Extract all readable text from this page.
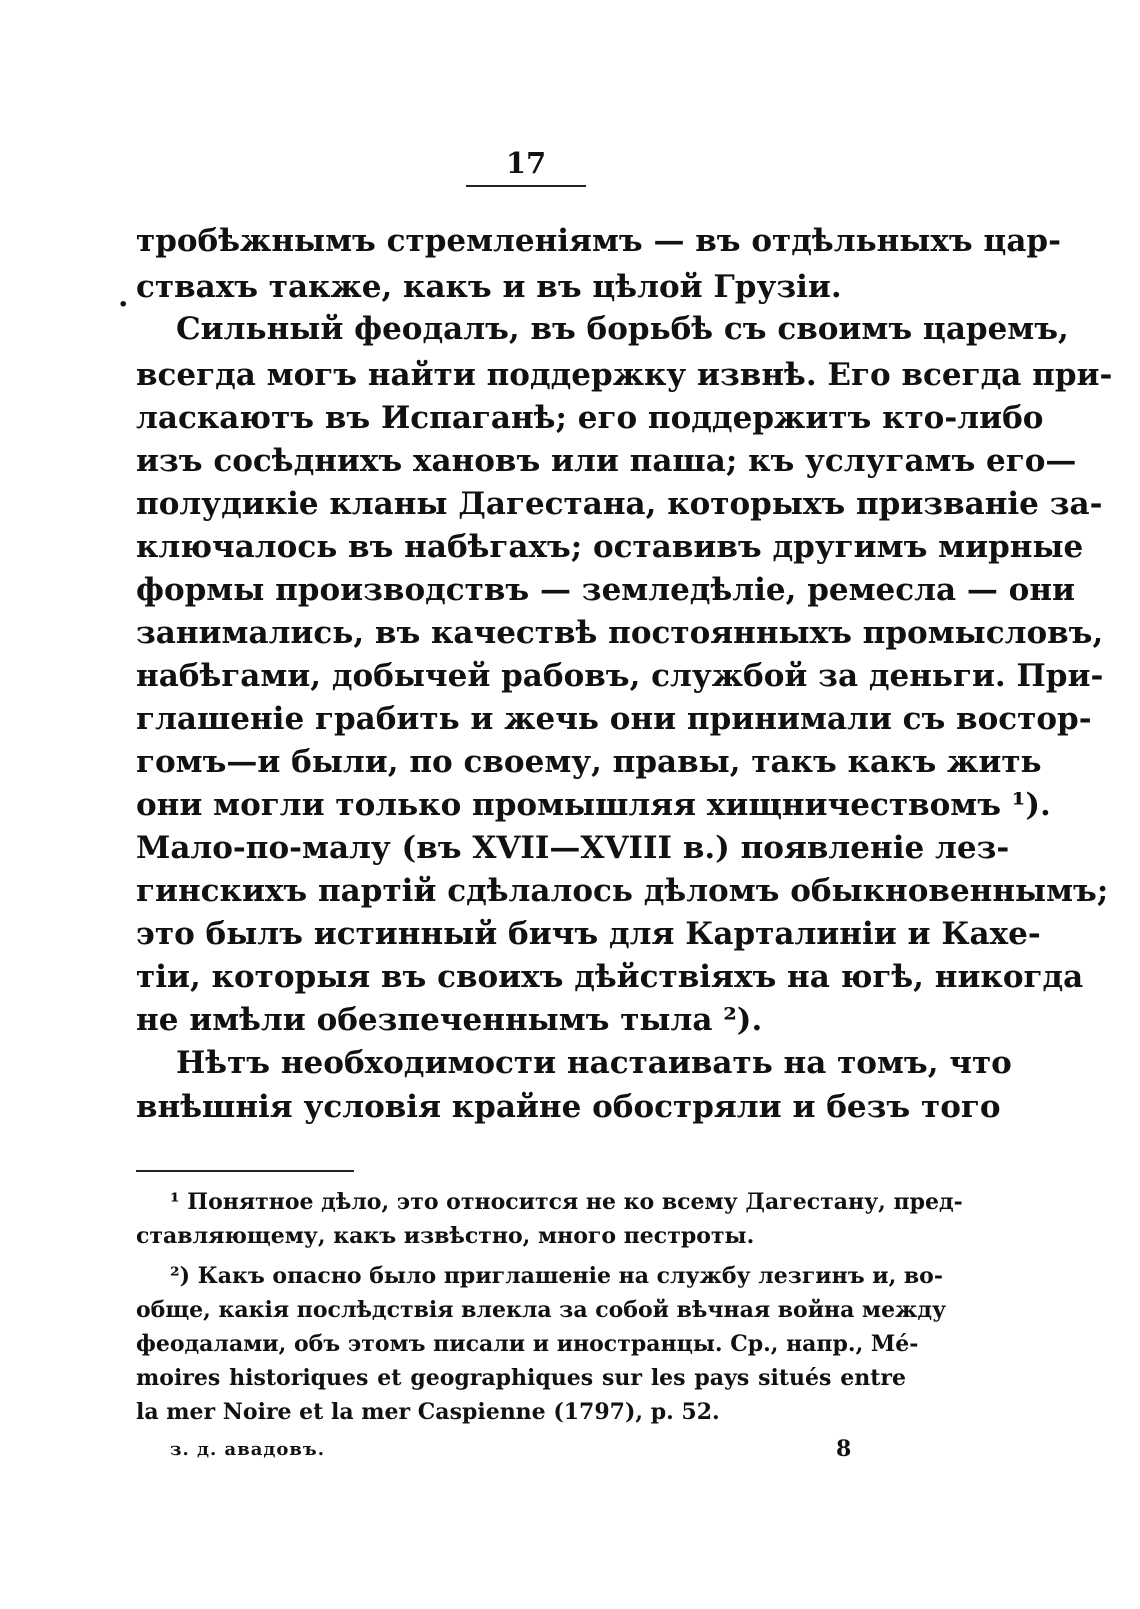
17
·
тробѣжнымъ стремленіямъ — въ отдѣльныхъ цар-
ствахъ также, какъ и въ цѣлой Грузіи.
Сильный феодалъ, въ борьбѣ съ своимъ царемъ,
всегда могъ найти поддержку извнѣ. Его всегда при-
ласкаютъ въ Испаганѣ; его поддержитъ кто-либо
изъ сосѣднихъ хановъ или паша; къ услугамъ его—
полудикіе кланы Дагестана, которыхъ призваніе за-
ключалось въ набѣгахъ; оставивъ другимъ мирные
формы производствъ — земледѣліе, ремесла — они
занимались, въ качествѣ постоянныхъ промысловъ,
набѣгами, добычей рабовъ, службой за деньги. При-
глашеніе грабить и жечь они принимали съ востор-
гомъ—и были, по своему, правы, такъ какъ жить
они могли только промышляя хищничествомъ ¹).
Мало-по-малу (въ XVII—XVIII в.) появленіе лез-
гинскихъ партій сдѣлалось дѣломъ обыкновеннымъ;
это былъ истинный бичъ для Карталиніи и Кахе-
тіи, которыя въ своихъ дѣйствіяхъ на югѣ, никогда
не имѣли обезпеченнымъ тыла ²).
Нѣтъ необходимости настаивать на томъ, что
внѣшнія условія крайне обостряли и безъ того
¹ Понятное дѣло, это относится не ко всему Дагестану, пред-
ставляющему, какъ извѣстно, много пестроты.
²) Какъ опасно было приглашеніе на службу лезгинъ и, во-
обще, какія послѣдствія влекла за собой вѣчная война между
феодалами, объ этомъ писали и иностранцы. Ср., напр., Mé-
moires historiques et geographiques sur les pays situés entre
la mer Noire et la mer Caspienne (1797), p. 52.
з. д. авадовъ.	8
